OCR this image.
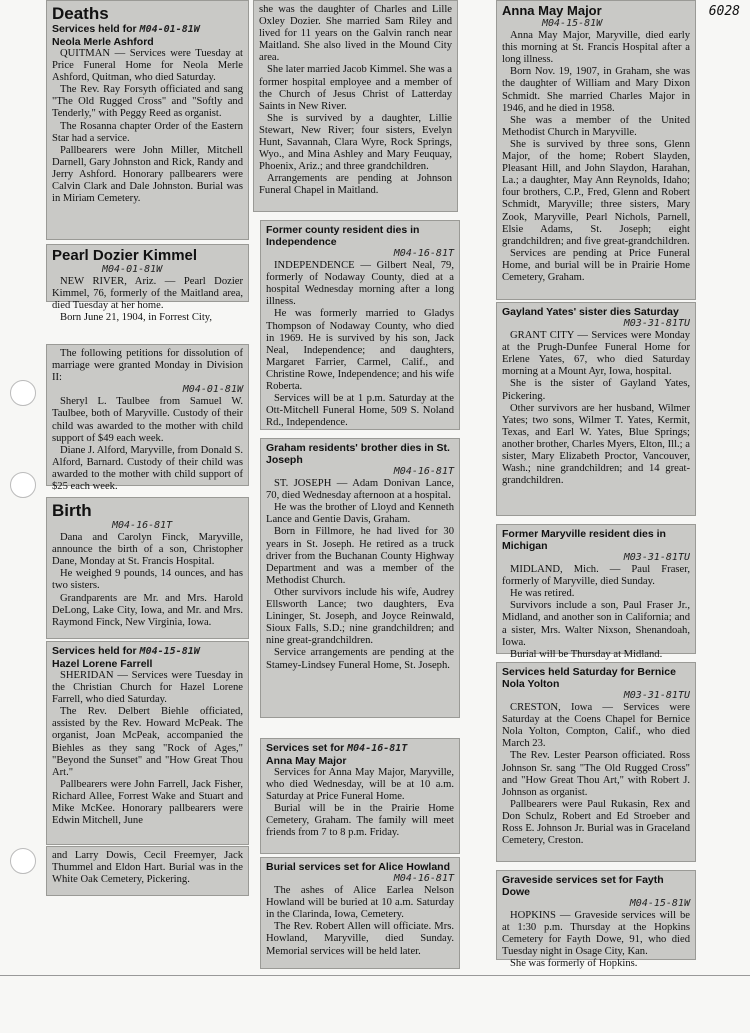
6028
Deaths
Services held for M04-01-81W
Neola Merle Ashford

QUITMAN — Services were Tuesday at Price Funeral Home for Neola Merle Ashford, Quitman, who died Saturday.

The Rev. Ray Forsyth officiated and sang "The Old Rugged Cross" and "Softly and Tenderly," with Peggy Reed as organist.

The Rosanna chapter Order of the Eastern Star had a service.

Pallbearers were John Miller, Mitchell Darnell, Gary Johnston and Rick, Randy and Jerry Ashford. Honorary pallbearers were Calvin Clark and Dale Johnston. Burial was in Miriam Cemetery.

Pearl Dozier Kimmel
M04-01-81W

NEW RIVER, Ariz. — Pearl Dozier Kimmel, 76, formerly of the Maitland area, died Tuesday at her home.

Born June 21, 1904, in Forrest City,

The following petitions for dissolution of marriage were granted Monday in Division II:

M04-01-81W

Sheryl L. Taulbee from Samuel W. Taulbee, both of Maryville. Custody of their child was awarded to the mother with child support of $49 each week.

Diane J. Alford, Maryville, from Donald S. Alford, Barnard. Custody of their child was awarded to the mother with child support of $25 each week.

Birth
M04-16-81T

Dana and Carolyn Finck, Maryville, announce the birth of a son, Christopher Dane, Monday at St. Francis Hospital.

He weighed 9 pounds, 14 ounces, and has two sisters.

Grandparents are Mr. and Mrs. Harold DeLong, Lake City, Iowa, and Mr. and Mrs. Raymond Finck, New Virginia, Iowa.

Services held for M04-15-81W
Hazel Lorene Farrell

SHERIDAN — Services were Tuesday in the Christian Church for Hazel Lorene Farrell, who died Saturday.

The Rev. Delbert Biehle officiated, assisted by the Rev. Howard McPeak. The organist, Joan McPeak, accompanied the Biehles as they sang "Rock of Ages," "Beyond the Sunset" and "How Great Thou Art."

Pallbearers were John Farrell, Jack Fisher, Richard Allee, Forrest Wake and Stuart and Mike McKee. Honorary pallbearers were Edwin Mitchell, June

and Larry Dowis, Cecil Freemyer, Jack Thummel and Eldon Hart. Burial was in the White Oak Cemetery, Pickering.

she was the daughter of Charles and Lille Oxley Dozier. She married Sam Riley and lived for 11 years on the Galvin ranch near Maitland. She also lived in the Mound City area.

She later married Jacob Kimmel. She was a former hospital employee and a member of the Church of Jesus Christ of Latterday Saints in New River.

She is survived by a daughter, Lillie Stewart, New River; four sisters, Evelyn Hunt, Savannah, Clara Wyre, Rock Springs, Wyo., and Mina Ashley and Mary Feuquay, Phoenix, Ariz.; and three grandchildren.

Arrangements are pending at Johnson Funeral Chapel in Maitland.

Former county resident dies in Independence
M04-16-81T

INDEPENDENCE — Gilbert Neal, 79, formerly of Nodaway County, died at a hospital Wednesday morning after a long illness.

He was formerly married to Gladys Thompson of Nodaway County, who died in 1969. He is survived by his son, Jack Neal, Independence; and daughters, Margaret Farrier, Carmel, Calif., and Christine Rowe, Independence; and his wife Roberta.

Services will be at 1 p.m. Saturday at the Ott-Mitchell Funeral Home, 509 S. Noland Rd., Independence.

Graham residents' brother dies in St. Joseph
M04-16-81T

ST. JOSEPH — Adam Donivan Lance, 70, died Wednesday afternoon at a hospital.

He was the brother of Lloyd and Kenneth Lance and Gentie Davis, Graham.

Born in Fillmore, he had lived for 30 years in St. Joseph. He retired as a truck driver from the Buchanan County Highway Department and was a member of the Methodist Church.

Other survivors include his wife, Audrey Ellsworth Lance; two daughters, Eva Lininger, St. Joseph, and Joyce Reinwald, Sioux Falls, S.D.; nine grandchildren; and nine great-grandchildren.

Service arrangements are pending at the Stamey-Lindsey Funeral Home, St. Joseph.

Services set for M04-16-81T
Anna May Major

Services for Anna May Major, Maryville, who died Wednesday, will be at 10 a.m. Saturday at Price Funeral Home.

Burial will be in the Prairie Home Cemetery, Graham. The family will meet friends from 7 to 8 p.m. Friday.

Burial services set for Alice Howland
M04-16-81T

The ashes of Alice Earlea Nelson Howland will be buried at 10 a.m. Saturday in the Clarinda, Iowa, Cemetery.

The Rev. Robert Allen will officiate. Mrs. Howland, Maryville, died Sunday. Memorial services will be held later.

Anna May Major
M04-15-81W

Anna May Major, Maryville, died early this morning at St. Francis Hospital after a long illness.

Born Nov. 19, 1907, in Graham, she was the daughter of William and Mary Dixon Schmidt. She married Charles Major in 1946, and he died in 1958.

She was a member of the United Methodist Church in Maryville.

She is survived by three sons, Glenn Major, of the home; Robert Slayden, Pleasant Hill, and John Slaydon, Harahan, La.; a daughter, May Ann Reynolds, Idaho; four brothers, C.P., Fred, Glenn and Robert Schmidt, Maryville; three sisters, Mary Zook, Maryville, Pearl Nichols, Parnell, Elsie Adams, St. Joseph; eight grandchildren; and five great-grandchildren.

Services are pending at Price Funeral Home, and burial will be in Prairie Home Cemetery, Graham.

Gayland Yates' sister dies Saturday
M03-31-81TU

GRANT CITY — Services were Monday at the Prugh-Dunfee Funeral Home for Erlene Yates, 67, who died Saturday morning at a Mount Ayr, Iowa, hospital.

She is the sister of Gayland Yates, Pickering.

Other survivors are her husband, Wilmer Yates; two sons, Wilmer T. Yates, Kermit, Texas, and Earl W. Yates, Blue Springs; another brother, Charles Myers, Elton, Ill.; a sister, Mary Elizabeth Proctor, Vancouver, Wash.; nine grandchildren; and 14 great-grandchildren.

Former Maryville resident dies in Michigan
M03-31-81TU

MIDLAND, Mich. — Paul Fraser, formerly of Maryville, died Sunday.

He was retired.

Survivors include a son, Paul Fraser Jr., Midland, and another son in California; and a sister, Mrs. Walter Nixson, Shenandoah, Iowa.

Burial will be Thursday at Midland.

Services held Saturday for Bernice Nola Yolton
M03-31-81TU

CRESTON, Iowa — Services were Saturday at the Coens Chapel for Bernice Nola Yolton, Compton, Calif., who died March 23.

The Rev. Lester Pearson officiated. Ross Johnson Sr. sang "The Old Rugged Cross" and "How Great Thou Art," with Robert J. Johnson as organist.

Pallbearers were Paul Rukasin, Rex and Don Schulz, Robert and Ed Stroeber and Ross E. Johnson Jr. Burial was in Graceland Cemetery, Creston.

Graveside services set for Fayth Dowe
M04-15-81W

HOPKINS — Graveside services will be at 1:30 p.m. Thursday at the Hopkins Cemetery for Fayth Dowe, 91, who died Tuesday night in Osage City, Kan.

She was formerly of Hopkins.
